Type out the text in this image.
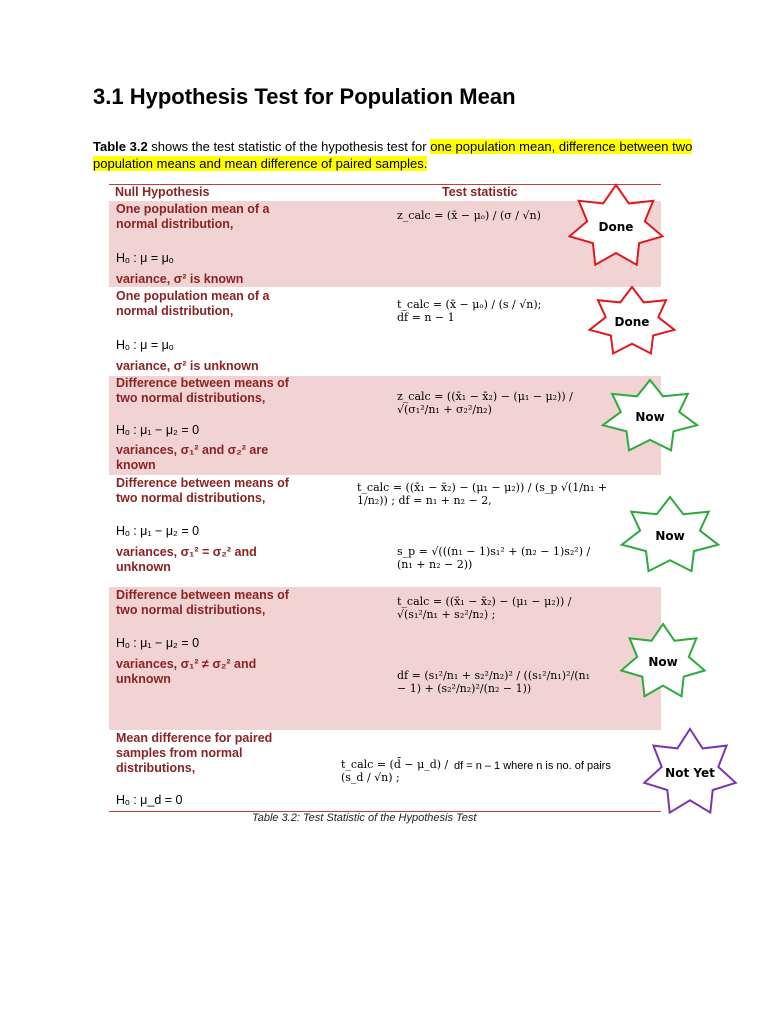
3.1 Hypothesis Test for Population Mean
Table 3.2 shows the test statistic of the hypothesis test for one population mean, difference between two population means and mean difference of paired samples.
Null Hypothesis	Test statistic
One population mean of a normal distribution,
Hₒ : μ = μₒ
variance, σ² is known
z_calc = (x̄ − μₒ) / (σ / √n)
One population mean of a normal distribution,
Hₒ : μ = μₒ
variance, σ² is unknown
t_calc = (x̄ − μₒ) / (s / √n); df = n − 1
Difference between means of two normal distributions,
Hₒ : μ₁ − μ₂ = 0
variances, σ₁² and σ₂² are known
z_calc = ((x̄₁ − x̄₂) − (μ₁ − μ₂)) / √(σ₁²/n₁ + σ₂²/n₂)
Difference between means of two normal distributions,
Hₒ : μ₁ − μ₂ = 0
variances, σ₁² = σ₂² and unknown
t_calc = ((x̄₁ − x̄₂) − (μ₁ − μ₂)) / (s_p √(1/n₁ + 1/n₂)) ; df = n₁ + n₂ − 2,
s_p = √(((n₁ − 1)s₁² + (n₂ − 1)s₂²) / (n₁ + n₂ − 2))
Difference between means of two normal distributions,
Hₒ : μ₁ − μ₂ = 0
variances, σ₁² ≠ σ₂² and unknown
t_calc = ((x̄₁ − x̄₂) − (μ₁ − μ₂)) / √(s₁²/n₁ + s₂²/n₂) ;
df = (s₁²/n₁ + s₂²/n₂)² / ((s₁²/n₁)²/(n₁ − 1) + (s₂²/n₂)²/(n₂ − 1))
Mean difference for paired samples from normal distributions,
Hₒ : μ_d = 0
t_calc = (d̄ − μ_d) / (s_d / √n) ;
df = n – 1 where n is no. of pairs
Table 3.2: Test Statistic of the Hypothesis Test
Done
Done
Now
Now
Now
Not Yet
